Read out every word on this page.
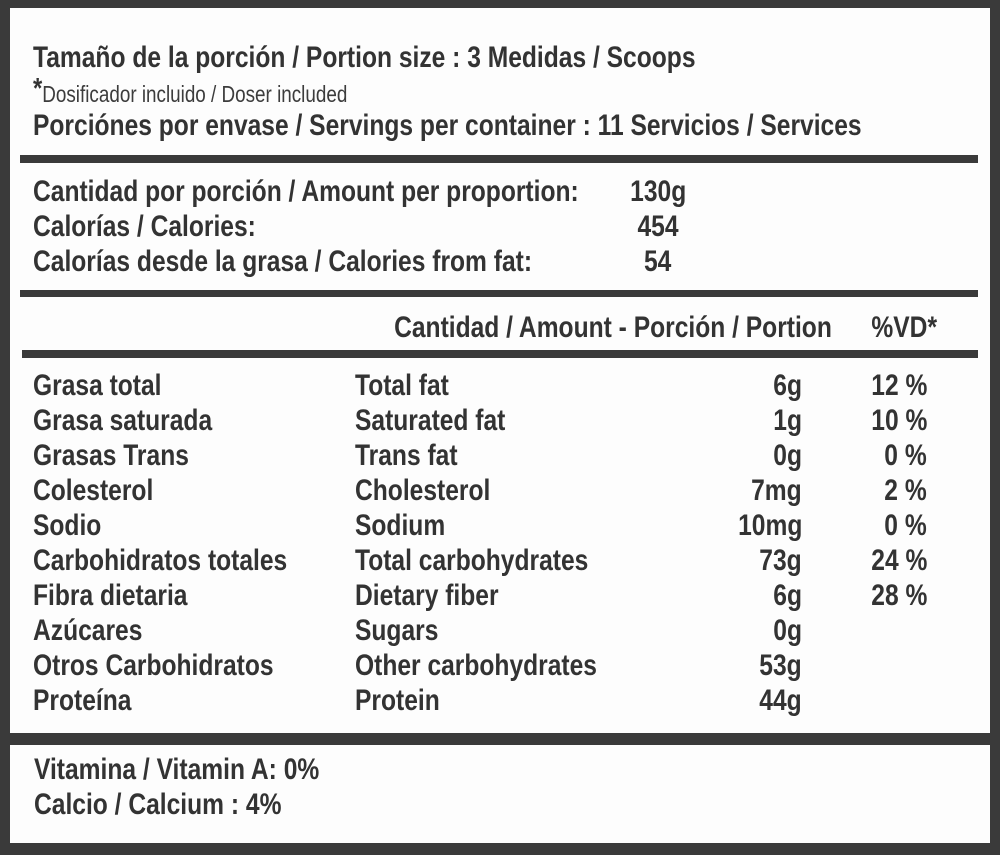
Tamaño de la porción / Portion size : 3 Medidas / Scoops
*Dosificador incluido / Doser included
Porciónes por envase / Servings per container : 11 Servicios / Services
Cantidad por porción / Amount per proportion:	130g
Calorías / Calories:	454
Calorías desde la grasa / Calories from fat:	54
Cantidad / Amount - Porción / Portion	%VD*
Grasa total	Total fat	6g	12 %
Grasa saturada	Saturated fat	1g	10 %
Grasas Trans	Trans fat	0g	0 %
Colesterol	Cholesterol	7mg	2 %
Sodio	Sodium	10mg	0 %
Carbohidratos totales	Total carbohydrates	73g	24 %
Fibra dietaria	Dietary fiber	6g	28 %
Azúcares	Sugars	0g
Otros Carbohidratos	Other carbohydrates	53g
Proteína	Protein	44g
Vitamina / Vitamin A: 0%
Calcio / Calcium : 4%
